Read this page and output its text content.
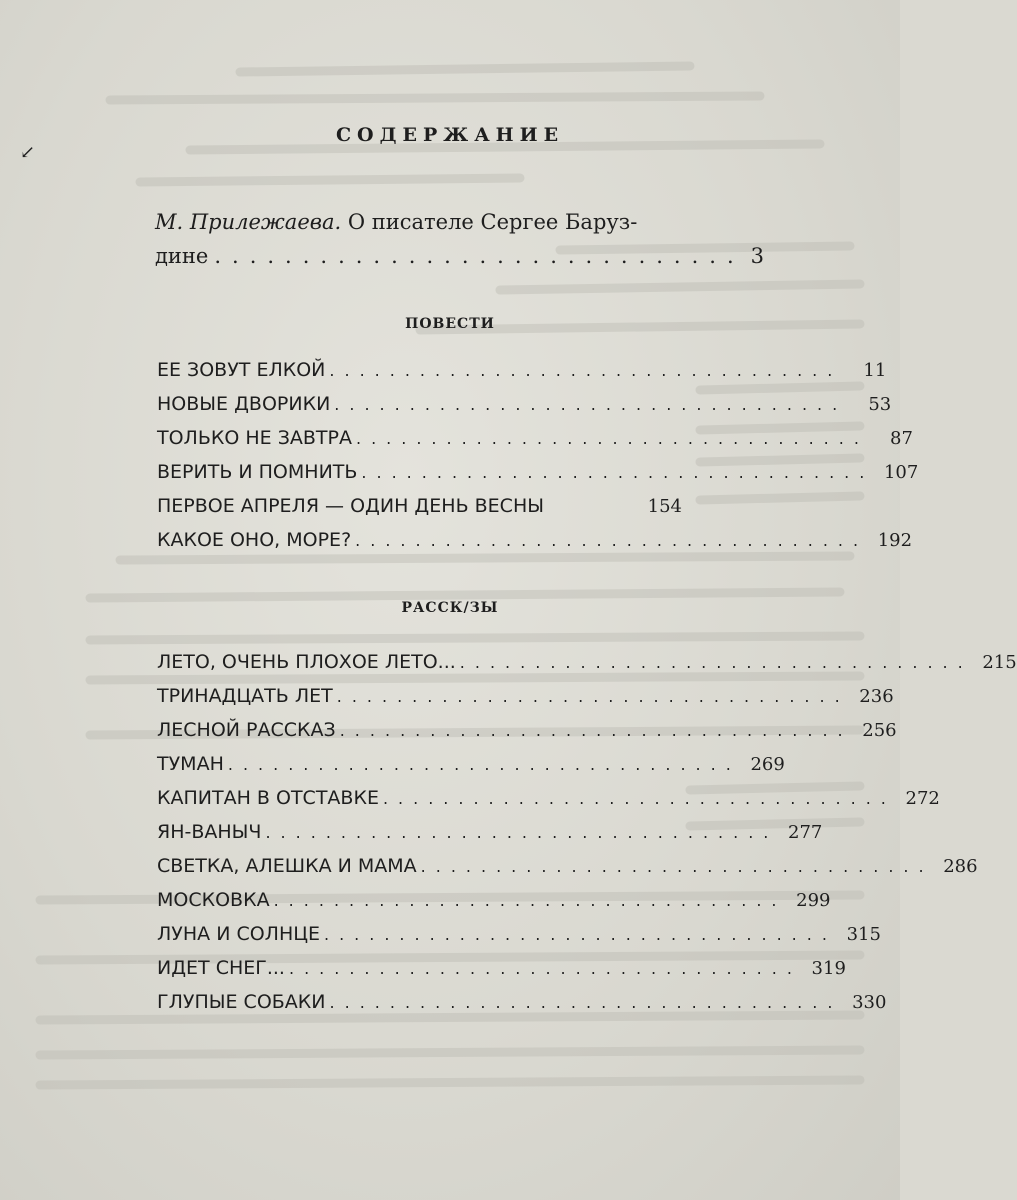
↙
СОДЕРЖАНИЕ
М. Прилежаева. О писателе Сергее Баруз-
дине .............................. 3
ПОВЕСТИ
ЕЕ ЗОВУТ ЕЛКОЙ ..................................	11
НОВЫЕ ДВОРИКИ ..................................	53
ТОЛЬКО НЕ ЗАВТРА ..................................	87
ВЕРИТЬ И ПОМНИТЬ .................................. 107
ПЕРВОЕ АПРЕЛЯ — ОДИН ДЕНЬ ВЕСНЫ	154
КАКОЕ ОНО, МОРЕ? .................................. 192
РАССК/ЗЫ
ЛЕТО, ОЧЕНЬ ПЛОХОЕ ЛЕТО... .................................. 215
ТРИНАДЦАТЬ ЛЕТ .................................. 236
ЛЕСНОЙ РАССКАЗ .................................. 256
ТУМАН .................................. 269
КАПИТАН В ОТСТАВКЕ .................................. 272
ЯН-ВАНЫЧ .................................. 277
СВЕТКА, АЛЕШКА И МАМА .................................. 286
МОСКОВКА .................................. 299
ЛУНА И СОЛНЦЕ .................................. 315
ИДЕТ СНЕГ... .................................. 319
ГЛУПЫЕ СОБАКИ .................................. 330
